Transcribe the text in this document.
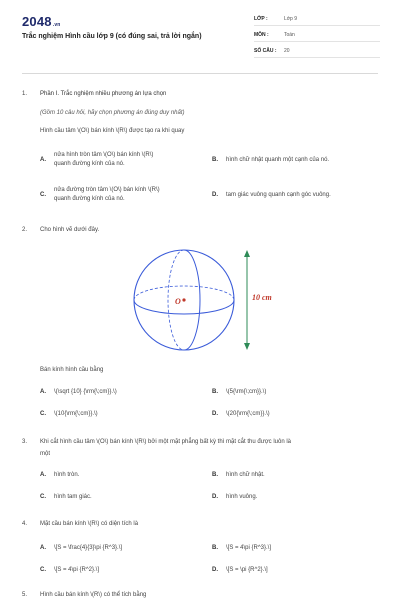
2048.vn
Trắc nghiệm Hình cầu lớp 9 (có đúng sai, trả lời ngắn)
LỚP :	Lớp 9
MÔN :	Toán
SỐ CÂU : 20
1. Phần I. Trắc nghiệm nhiều phương án lựa chọn
(Gồm 10 câu hỏi, hãy chọn phương án đúng duy nhất)
Hình cầu tâm \(O\) bán kính \(R\) được tạo ra khi quay
A.
nửa hình tròn tâm \(O\) bán kính \(R\)
quanh đường kính của nó.
B. hình chữ nhật quanh một cạnh của nó.
C.
nửa đường tròn tâm \(O\) bán kính \(R\)
quanh đường kính của nó.
D. tam giác vuông quanh cạnh góc vuông.
2. Cho hình vẽ dưới đây.
O	10 cm
Bán kính hình cầu bằng
A. \(\sqrt {10} {\rm{\;cm}}.\)	B. \(5{\rm{\;cm}}.\)
C. \(10{\rm{\;cm}}.\)	D. \(20{\rm{\;cm}}.\)
3. Khi cắt hình cầu tâm \(O\) bán kính \(R\) bởi một mặt phẳng bất kỳ thì mặt cắt thu được luôn là
một
A. hình tròn.	B. hình chữ nhật.
C. hình tam giác.	D. hình vuông.
4. Mặt cầu bán kính \(R\) có diện tích là
A. \[S = \frac{4}{3}\pi {R^3}.\]	B. \[S = 4\pi {R^3}.\]
C. \[S = 4\pi {R^2}.\]	D. \[S = \pi {R^2}.\]
5. Hình cầu bán kính \(R\) có thể tích bằng
